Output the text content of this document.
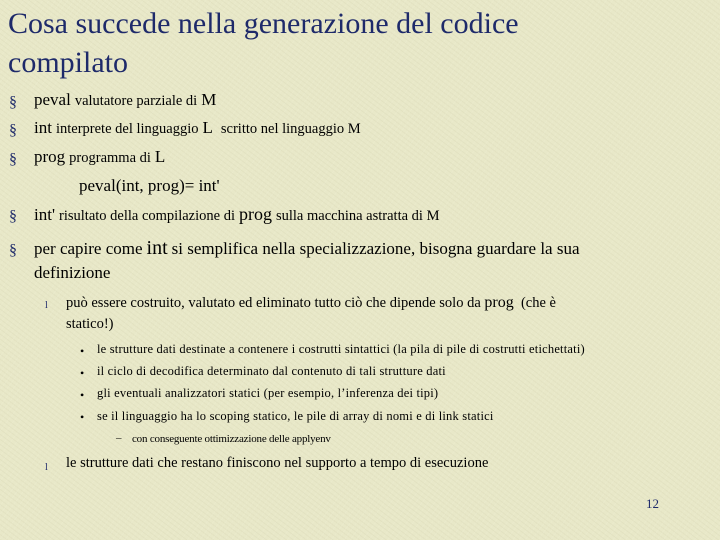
Cosa succede nella generazione del codice
compilato
§ peval valutatore parziale di M
§ int interprete del linguaggio L scritto nel linguaggio M
§ prog programma di L
peval(int, prog)= int'
§ int' risultato della compilazione di prog sulla macchina astratta di M
§ per capire come int si semplifica nella specializzazione, bisogna guardare la sua
definizione
l può essere costruito, valutato ed eliminato tutto ciò che dipende solo da prog (che è
statico!)
• le strutture dati destinate a contenere i costrutti sintattici (la pila di pile di costrutti etichettati)
• il ciclo di decodifica determinato dal contenuto di tali strutture dati
• gli eventuali analizzatori statici (per esempio, l’inferenza dei tipi)
• se il linguaggio ha lo scoping statico, le pile di array di nomi e di link statici
– con conseguente ottimizzazione delle applyenv
l le strutture dati che restano finiscono nel supporto a tempo di esecuzione
12
